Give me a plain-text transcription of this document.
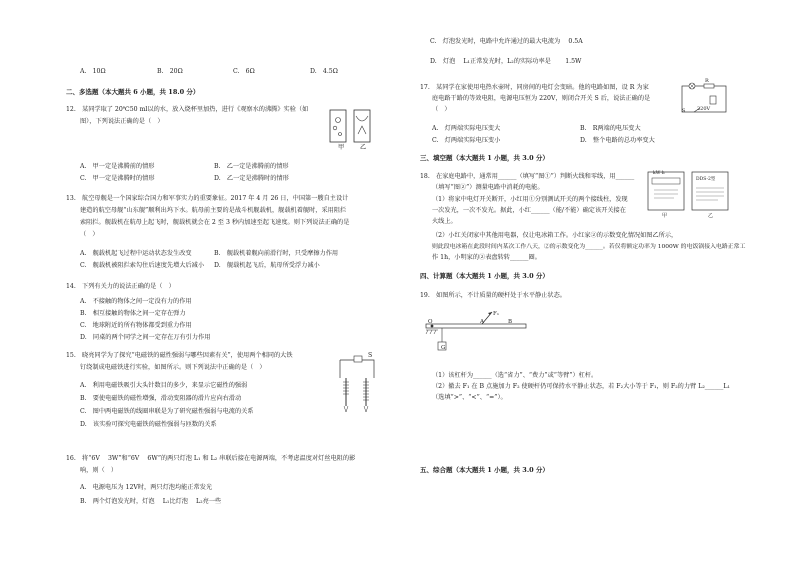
A.　10Ω	B.　20Ω	C.　6Ω	D.　4.5Ω
二、多选题（本大题共 6 小题，共 18.0 分）
12.　某同学取了 20℃50 ml以的水，放入烧杯里加热，进行《观察水的沸腾》实验（如
图），下列说法正确的是（　）
甲	乙
A.　甲一定是沸腾前的情形	B.　乙一定是沸腾前的情形
C.　甲一定是沸腾时的情形	D.　乙一定是沸腾时的情形
13.　航空母舰是一个国家综合国力和军事实力的重要象征。2017 年 4 月 26 日，中国第一艘自主设计
建造的航空母舰“山东舰”顺利出坞下水。航母前主要的是战斗机舰载机，舰载机着舰时，采用阻拦
索阻拦。舰载机在航母上起飞时，舰载机就会在 2 至 3 秒内加速至起飞速度。则下列说法正确的是
（　）
A.　舰载机起飞过程中运动状态发生改变	B.　舰载机着舰向前滑行时，只受摩擦力作用
C.　舰载机被阻拦索勾住后速度先增大后减小 D.　舰载机起飞后，航母所受浮力减小
14.　下列有关力的说法正确的是（　）
A.　不接触的物体之间一定没有力的作用
B.　相互接触的物体之间一定存在弹力
C.　地球附近的所有物体都受到重力作用
D.　同桌的两个同学之间一定存在万有引力作用
15.　晓亮同学为了探究“电磁铁的磁性强弱与哪些因素有关”，使用两个相同的大铁
钉绕制成电磁铁进行实验，如图所示。则下列说法中正确的是（　）
S
A.　利用电磁铁吸引大头针数目的多少，来显示它磁性的强弱
B.　要使电磁铁的磁性增强，滑动变阻器的滑片应向右滑动
C.　图中两电磁铁的线圈串联是为了研究磁性强弱与电流的关系
D.　该实验可探究电磁铁的磁性强弱与匝数的关系
16.　将“6V　 3W”和“6V　 6W”的两只灯泡 L₁ 和 L₂ 串联后接在电源两端，不考虑温度对灯丝电阻的影
响，则（　）
A.　电源电压为 12V时，两只灯泡均能正常发光
B.　两个灯泡发光时，灯泡　 L₁比灯泡　 L₂亮一些
C.　灯泡发光时，电路中允许通过的最大电流为　 0.5A
D.　灯泡　 L₁正常发光时，L₂的实际功率是　　 1.5W
17.　某同学在家使用电热水壶时，同房间的电灯会变暗。他的电路如图，设 R 为家
庭电路干路的等效电阻，电源电压恒为 220V，则闭合开关 S 后，说法正确的是
（　）
R
220V
S
A.　灯两端实际电压变大	B.　R两端的电压变大
C.　灯两端实际电压变小	D.　整个电路的总功率变大
三、填空题（本大题共 1 小题，共 3.0 分）
18.　在家庭电路中，通常用______（填写“图①”）判断火线和零线，用______
（填写“图②”）测量电路中消耗的电能。
（1）将家中电灯开关断开，小红用①分别测试开关的两个接线柱，发现
一次发光，一次不发光。据此，小红______（能/不能）确定该开关接在
火线上。
（2）小红关闭家中其他用电器，仅让电冰箱工作。小红家②的示数变化情况如图乙所示，
则此段电冰箱在此段时间内某次工作八天，②的示数变化为______。若仅将额定功率为 1000W 的电饭锅接入电路正常工
作 1h，小明家的②表盘转转______圈。
kW·h
DDS-2型
甲	乙
四、计算题（本大题共 1 小题，共 3.0 分）
19.　如图所示，不计质量的硬杆处于水平静止状态。
O
F₁
A	B
G
（1）该杠杆为______（选“省力”、“费力”或“等臂”）杠杆。
（2）撤去 F₁ 在 B 点施加力 F₂ 使硬杆仍可保持水平静止状态，若 F₂大小等于 F₁，则 F₂的力臂 L₂______L₁
（选填“>”、“<”、“=”）。
五、综合题（本大题共 1 小题，共 3.0 分）
